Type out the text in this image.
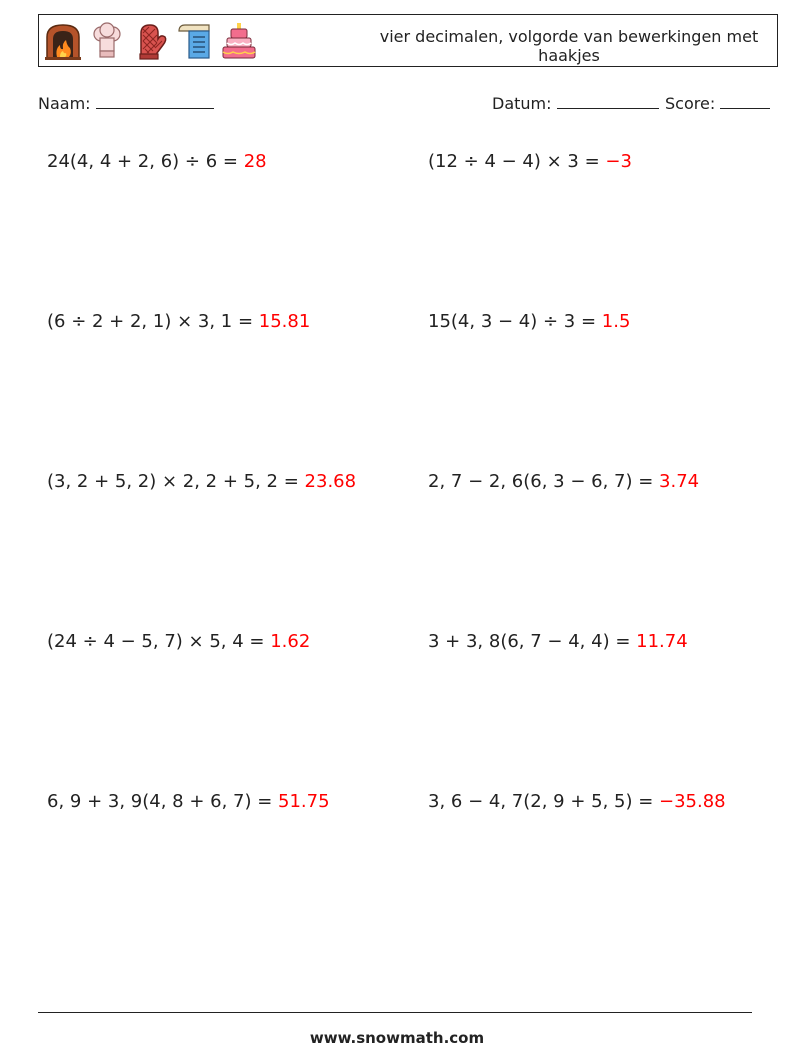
vier decimalen, volgorde van bewerkingen met haakjes
Naam:	Datum:	Score:
24(4, 4 + 2, 6) ÷ 6 = 28	(12 ÷ 4 − 4) × 3 = −3
(6 ÷ 2 + 2, 1) × 3, 1 = 15.81	15(4, 3 − 4) ÷ 3 = 1.5
(3, 2 + 5, 2) × 2, 2 + 5, 2 = 23.68	2, 7 − 2, 6(6, 3 − 6, 7) = 3.74
(24 ÷ 4 − 5, 7) × 5, 4 = 1.62	3 + 3, 8(6, 7 − 4, 4) = 11.74
6, 9 + 3, 9(4, 8 + 6, 7) = 51.75	3, 6 − 4, 7(2, 9 + 5, 5) = −35.88
www.snowmath.com
